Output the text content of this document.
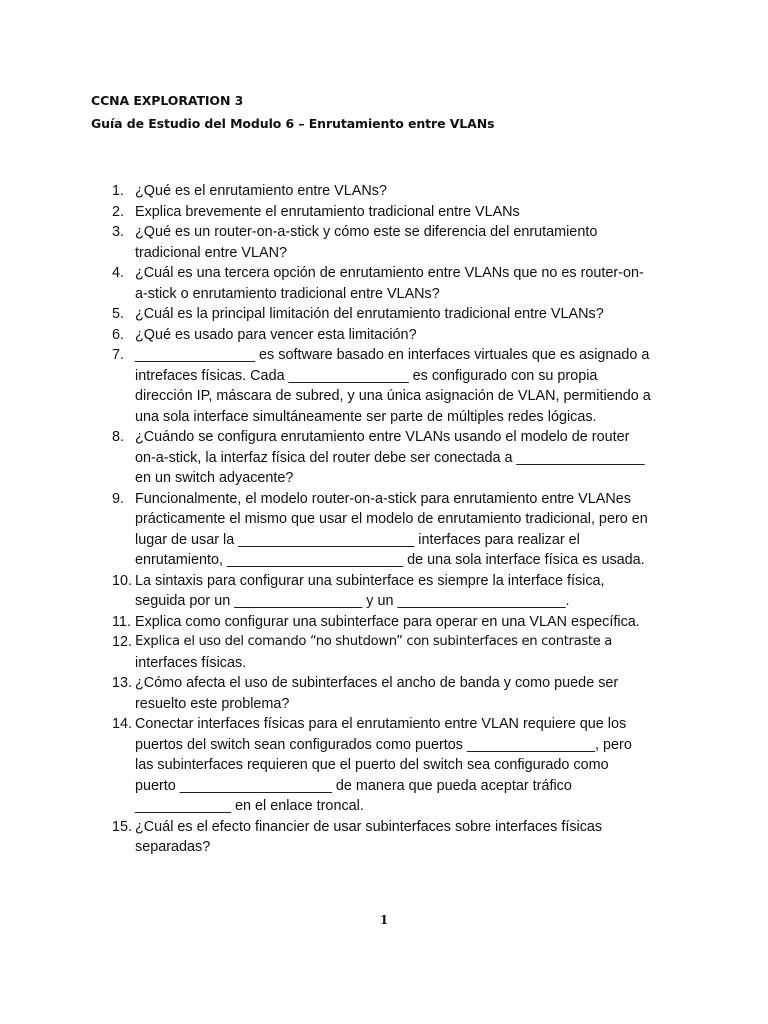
CCNA EXPLORATION 3
Guía de Estudio del Modulo 6 – Enrutamiento entre VLANs
1. ¿Qué es el enrutamiento entre VLANs?
2. Explica brevemente el enrutamiento tradicional entre VLANs
3. ¿Qué es un router-on-a-stick y cómo este se diferencia del enrutamiento
tradicional entre VLAN?
4. ¿Cuál es una tercera opción de enrutamiento entre VLANs que no es router-on-
a-stick o enrutamiento tradicional entre VLANs?
5. ¿Cuál es la principal limitación del enrutamiento tradicional entre VLANs?
6. ¿Qué es usado para vencer esta limitación?
7. _______________ es software basado en interfaces virtuales que es asignado a
intrefaces físicas. Cada _______________ es configurado con su propia
dirección IP, máscara de subred, y una única asignación de VLAN, permitiendo a
una sola interface simultáneamente ser parte de múltiples redes lógicas.
8. ¿Cuándo se configura enrutamiento entre VLANs usando el modelo de router
on-a-stick, la interfaz física del router debe ser conectada a ________________
en un switch adyacente?
9. Funcionalmente, el modelo router-on-a-stick para enrutamiento entre VLANes
prácticamente el mismo que usar el modelo de enrutamiento tradicional, pero en
lugar de usar la ______________________ interfaces para realizar el
enrutamiento, ______________________ de una sola interface física es usada.
10. La sintaxis para configurar una subinterface es siempre la interface física,
seguida por un ________________ y un _____________________.
11. Explica como configurar una subinterface para operar en una VLAN específica.
12. Explica el uso del comando “no shutdown” con subinterfaces en contraste a
interfaces físicas.
13. ¿Cómo afecta el uso de subinterfaces el ancho de banda y como puede ser
resuelto este problema?
14. Conectar interfaces físicas para el enrutamiento entre VLAN requiere que los
puertos del switch sean configurados como puertos ________________, pero
las subinterfaces requieren que el puerto del switch sea configurado como
puerto ___________________ de manera que pueda aceptar tráfico
____________ en el enlace troncal.
15. ¿Cuál es el efecto financier de usar subinterfaces sobre interfaces físicas
separadas?
1
